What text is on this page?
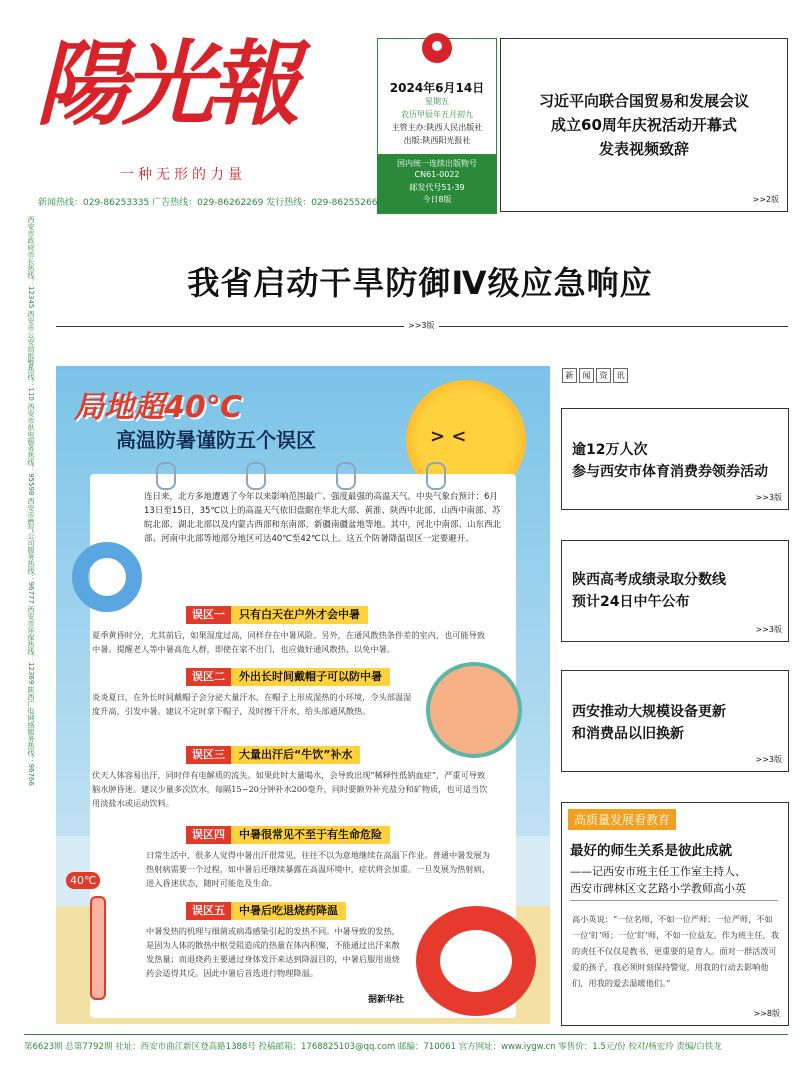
陽光報
一种无形的力量
新闻热线：029-86253335 广告热线：029-86262269 发行热线：029-86255266
2024年6月14日
星期五
农历甲辰年五月初九
主管主办:陕西人民出版社
出版:陕西阳光报社
国内统一连续出版物号
CN61-0022
邮发代号51-39
今日8版
习近平向联合国贸易和发展会议
成立60周年庆祝活动开幕式
发表视频致辞
>>2版
西安市政府市长热线：12345 西安市公安局报警热线：110 西安市供电服务热线：95598 西安市燃气公司服务热线：96777 西安市环保热线：12369 陕西广电网络服务热线：96766	我省启动干旱防御Ⅳ级应急响应
>>3版
> <
局地超40℃
高温防暑谨防五个误区
连日来，北方多地遭遇了今年以来影响范围最广、强度最强的高温天气。中央气象台预计：6月13日至15日，35℃以上的高温天气依旧盘踞在华北大部、黄淮、陕西中北部、山西中南部、苏皖北部、湖北北部以及内蒙古西部和东南部、新疆南疆盆地等地。其中，河北中南部、山东西北部、河南中北部等地部分地区可达40℃至42℃以上。这五个防暑降温误区一定要避开。
误区一	只有白天在户外才会中暑
夏季黄昏时分，尤其前后，如果湿度过高，同样存在中暑风险。另外，在通风散热条件差的室内，也可能导致中暑。提醒老人等中暑高危人群，即使在家不出门，也应做好通风散热，以免中暑。
误区二	外出长时间戴帽子可以防中暑
炎炎夏日，在外长时间戴帽子会分泌大量汗水，在帽子上形成湿热的小环境，令头部温湿度升高，引发中暑。建议不定时拿下帽子，及时擦干汗水，给头部通风散热。
误区三	大量出汗后“牛饮”补水
伏天人体容易出汗，同时伴有电解质的流失。如果此时大量喝水，会导致出现“稀释性低钠血症”，严重可导致脑水肿昏迷。建议少量多次饮水，每隔15~20分钟补水200毫升，同时要额外补充盐分和矿物质，也可适当饮用淡盐水或运动饮料。
误区四	中暑很常见不至于有生命危险
日常生活中，很多人觉得中暑出汗很常见，往往不以为意地继续在高温下作业。普通中暑发展为热射病需要一个过程，如中暑后还继续暴露在高温环境中，症状将会加重。一旦发展为热射病，进入昏迷状态，随时可能危及生命。
误区五	中暑后吃退烧药降温
中暑发热的机理与细菌或病毒感染引起的发热不同。中暑导致的发热，是因为人体的散热中枢受阻造成的热量在体内积聚，不能通过出汗来散发热量；而退烧药主要通过身体发汗来达到降温目的，中暑后服用退烧药会适得其反。因此中暑后首选进行物理降温。
40℃
据新华社
新	闻	资	讯
逾12万人次
参与西安市体育消费券领券活动
>>3版
陕西高考成绩录取分数线
预计24日中午公布
>>3版
西安推动大规模设备更新
和消费品以旧换新
>>3版
高质量发展看教育
最好的师生关系是彼此成就
——记西安市班主任工作室主持人、
西安市碑林区文艺路小学教师高小英
高小英说：“一位名师，不如一位严师；一位严师，不如一位‘盯’师；一位‘盯’师，不如一位益友。作为班主任，我的责任不仅仅是教书，更重要的是育人。面对一群活泼可爱的孩子，我必须时刻保持警觉，用我的行动去影响他们，用我的爱去温暖他们。”
>>8版
第6623期 总第7792期 社址：西安市曲江新区登高路1388号 投稿邮箱：1768825103@qq.com 邮编：710061 官方网址：www.iygw.cn 零售价：1.5元/份 校对/杨宏玲 责编/白铁龙
